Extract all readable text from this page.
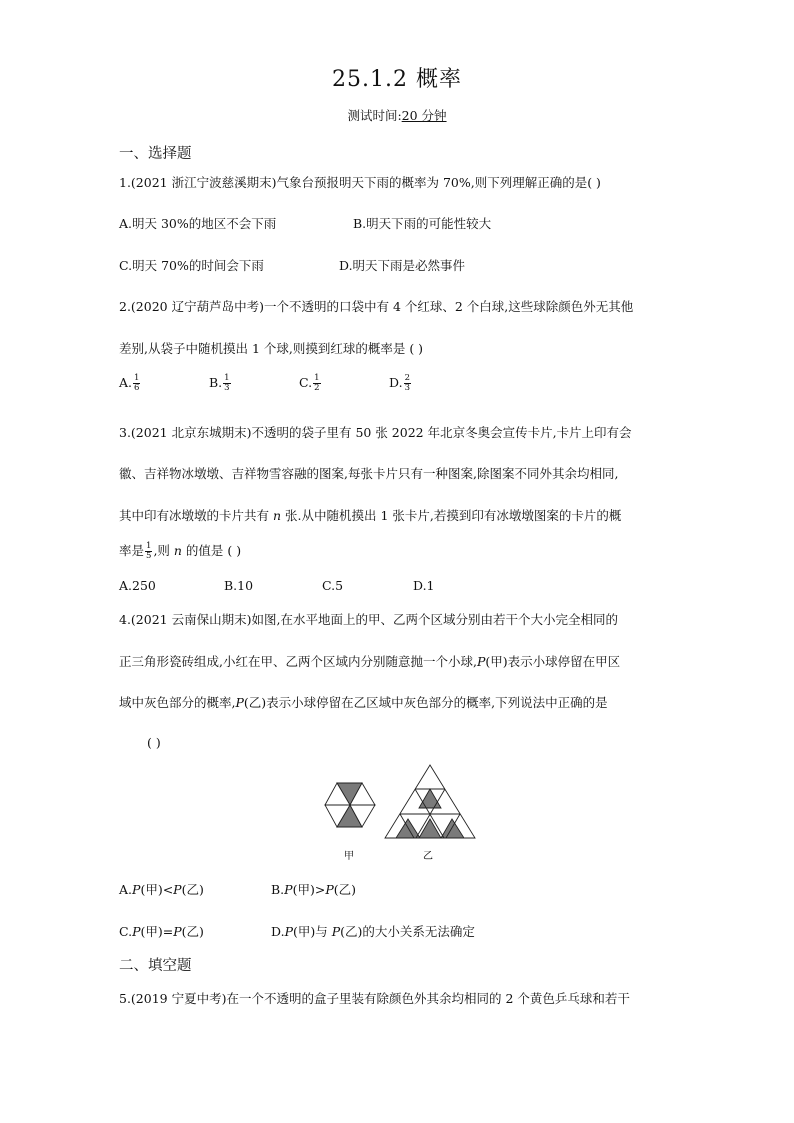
25.1.2 概率
测试时间:20 分钟
一、选择题
1.(2021 浙江宁波慈溪期末)气象台预报明天下雨的概率为 70%,则下列理解正确的是( )
A.明天 30%的地区不会下雨	B.明天下雨的可能性较大
C.明天 70%的时间会下雨	D.明天下雨是必然事件
2.(2020 辽宁葫芦岛中考)一个不透明的口袋中有 4 个红球、2 个白球,这些球除颜色外无其他
差别,从袋子中随机摸出 1 个球,则摸到红球的概率是 ( )
A. $\frac{1}{6}$	B. $\frac{1}{3}$	C. $\frac{1}{2}$	D. $\frac{2}{3}$
3.(2021 北京东城期末)不透明的袋子里有 50 张 2022 年北京冬奥会宣传卡片,卡片上印有会
徽、吉祥物冰墩墩、吉祥物雪容融的图案,每张卡片只有一种图案,除图案不同外其余均相同,
其中印有冰墩墩的卡片共有 n 张.从中随机摸出 1 张卡片,若摸到印有冰墩墩图案的卡片的概
率是 $\frac{1}{5}$ ,则 n 的值是 ( )
A.250	B.10	C.5	D.1
4.(2021 云南保山期末)如图,在水平地面上的甲、乙两个区域分别由若干个大小完全相同的
正三角形瓷砖组成,小红在甲、乙两个区域内分别随意抛一个小球,P(甲)表示小球停留在甲区
域中灰色部分的概率,P(乙)表示小球停留在乙区域中灰色部分的概率,下列说法中正确的是
( )
甲	乙
A.P(甲)<P(乙)	B.P(甲)>P(乙)
C.P(甲)=P(乙)	D.P(甲)与 P(乙)的大小关系无法确定
二、填空题
5.(2019 宁夏中考)在一个不透明的盒子里装有除颜色外其余均相同的 2 个黄色乒乓球和若干
